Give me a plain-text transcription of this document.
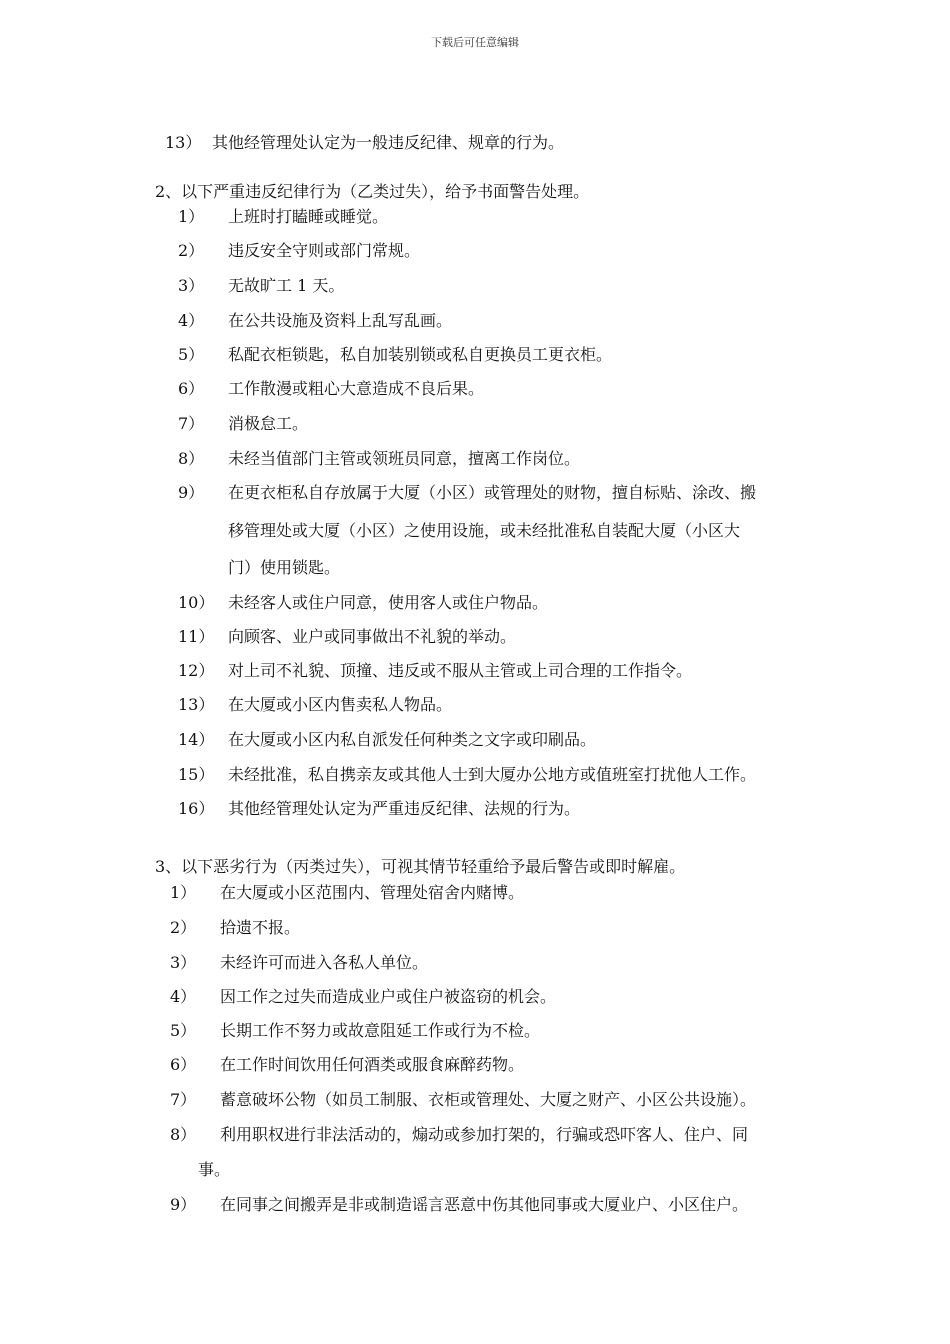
下载后可任意编辑
13） 其他经管理处认定为一般违反纪律、规章的行为。
2、以下严重违反纪律行为（乙类过失），给予书面警告处理。
1） 上班时打瞌睡或睡觉。
2） 违反安全守则或部门常规。
3） 无故旷工 1 天。
4） 在公共设施及资料上乱写乱画。
5） 私配衣柜锁匙，私自加装别锁或私自更换员工更衣柜。
6） 工作散漫或粗心大意造成不良后果。
7） 消极怠工。
8） 未经当值部门主管或领班员同意，擅离工作岗位。
9） 在更衣柜私自存放属于大厦（小区）或管理处的财物，擅自标贴、涂改、搬
移管理处或大厦（小区）之使用设施，或未经批准私自装配大厦（小区大
门）使用锁匙。
10） 未经客人或住户同意，使用客人或住户物品。
11） 向顾客、业户或同事做出不礼貌的举动。
12） 对上司不礼貌、顶撞、违反或不服从主管或上司合理的工作指令。
13） 在大厦或小区内售卖私人物品。
14） 在大厦或小区内私自派发任何种类之文字或印刷品。
15） 未经批准，私自携亲友或其他人士到大厦办公地方或值班室打扰他人工作。
16） 其他经管理处认定为严重违反纪律、法规的行为。
3、以下恶劣行为（丙类过失），可视其情节轻重给予最后警告或即时解雇。
1） 在大厦或小区范围内、管理处宿舍内赌博。
2） 拾遗不报。
3） 未经许可而进入各私人单位。
4） 因工作之过失而造成业户或住户被盗窃的机会。
5） 长期工作不努力或故意阻延工作或行为不检。
6） 在工作时间饮用任何酒类或服食麻醉药物。
7） 蓄意破坏公物（如员工制服、衣柜或管理处、大厦之财产、小区公共设施）。
8） 利用职权进行非法活动的，煽动或参加打架的，行骗或恐吓客人、住户、同
事。
9） 在同事之间搬弄是非或制造谣言恶意中伤其他同事或大厦业户、小区住户。
